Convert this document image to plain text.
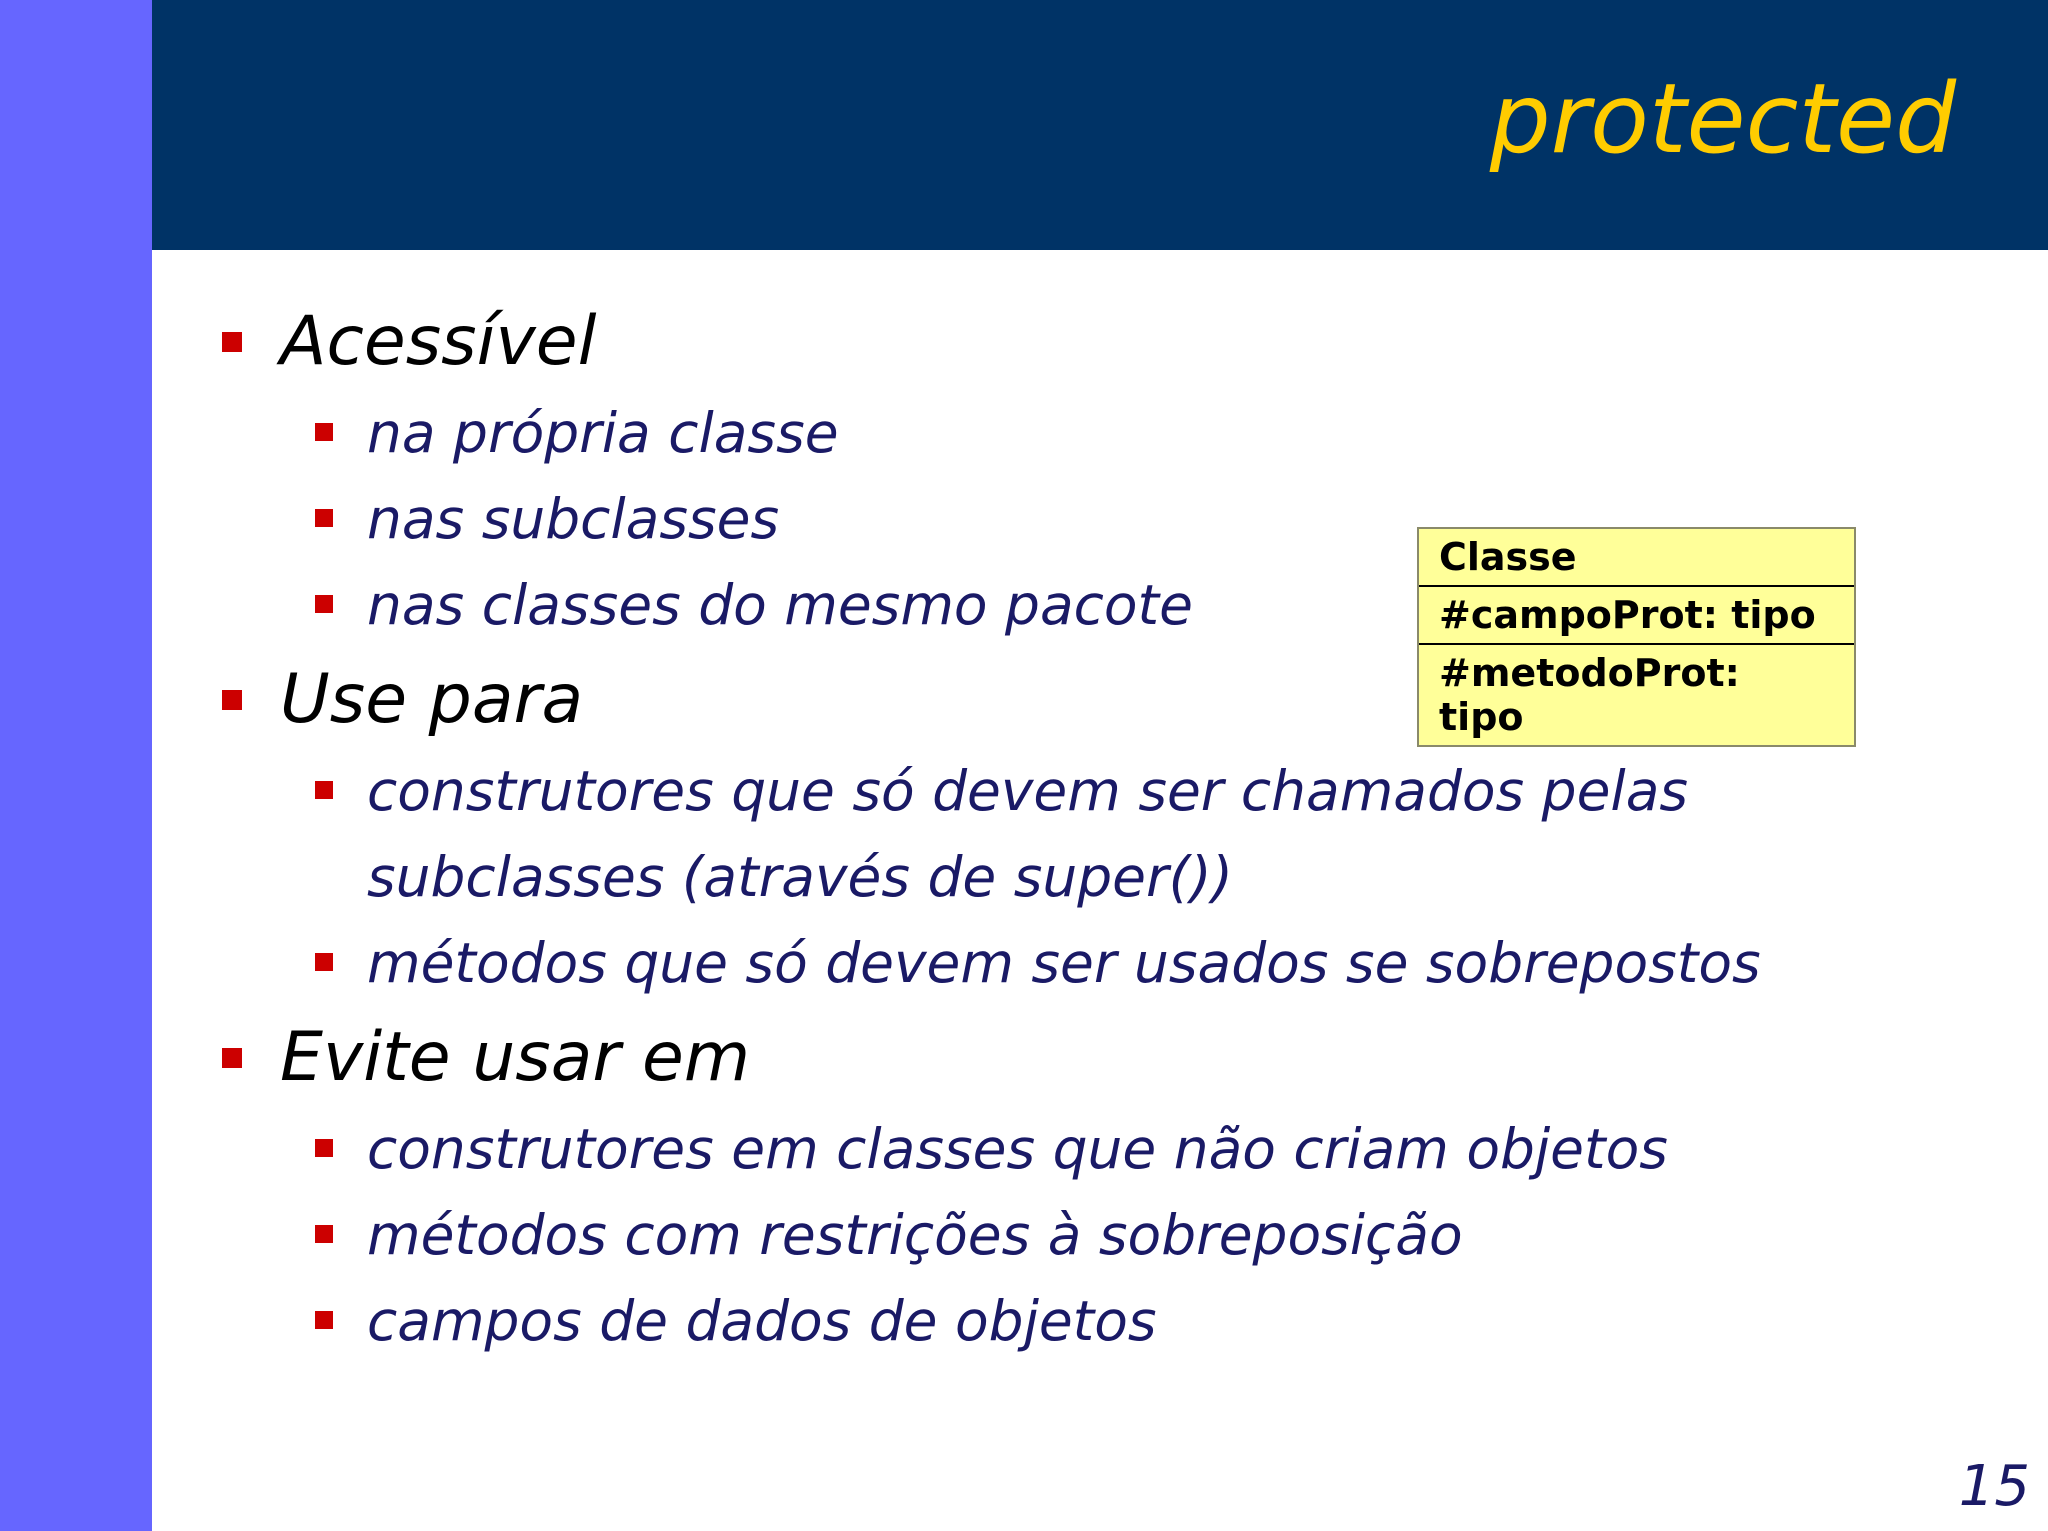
protected
Acessível
na própria classe
nas subclasses
nas classes do mesmo pacote
Use para
construtores que só devem ser chamados pelas subclasses (através de super())
métodos que só devem ser usados se sobrepostos
Evite usar em
construtores em classes que não criam objetos
métodos com restrições à sobreposição
campos de dados de objetos
Classe
#campoProt: tipo
#metodoProt: tipo
15
